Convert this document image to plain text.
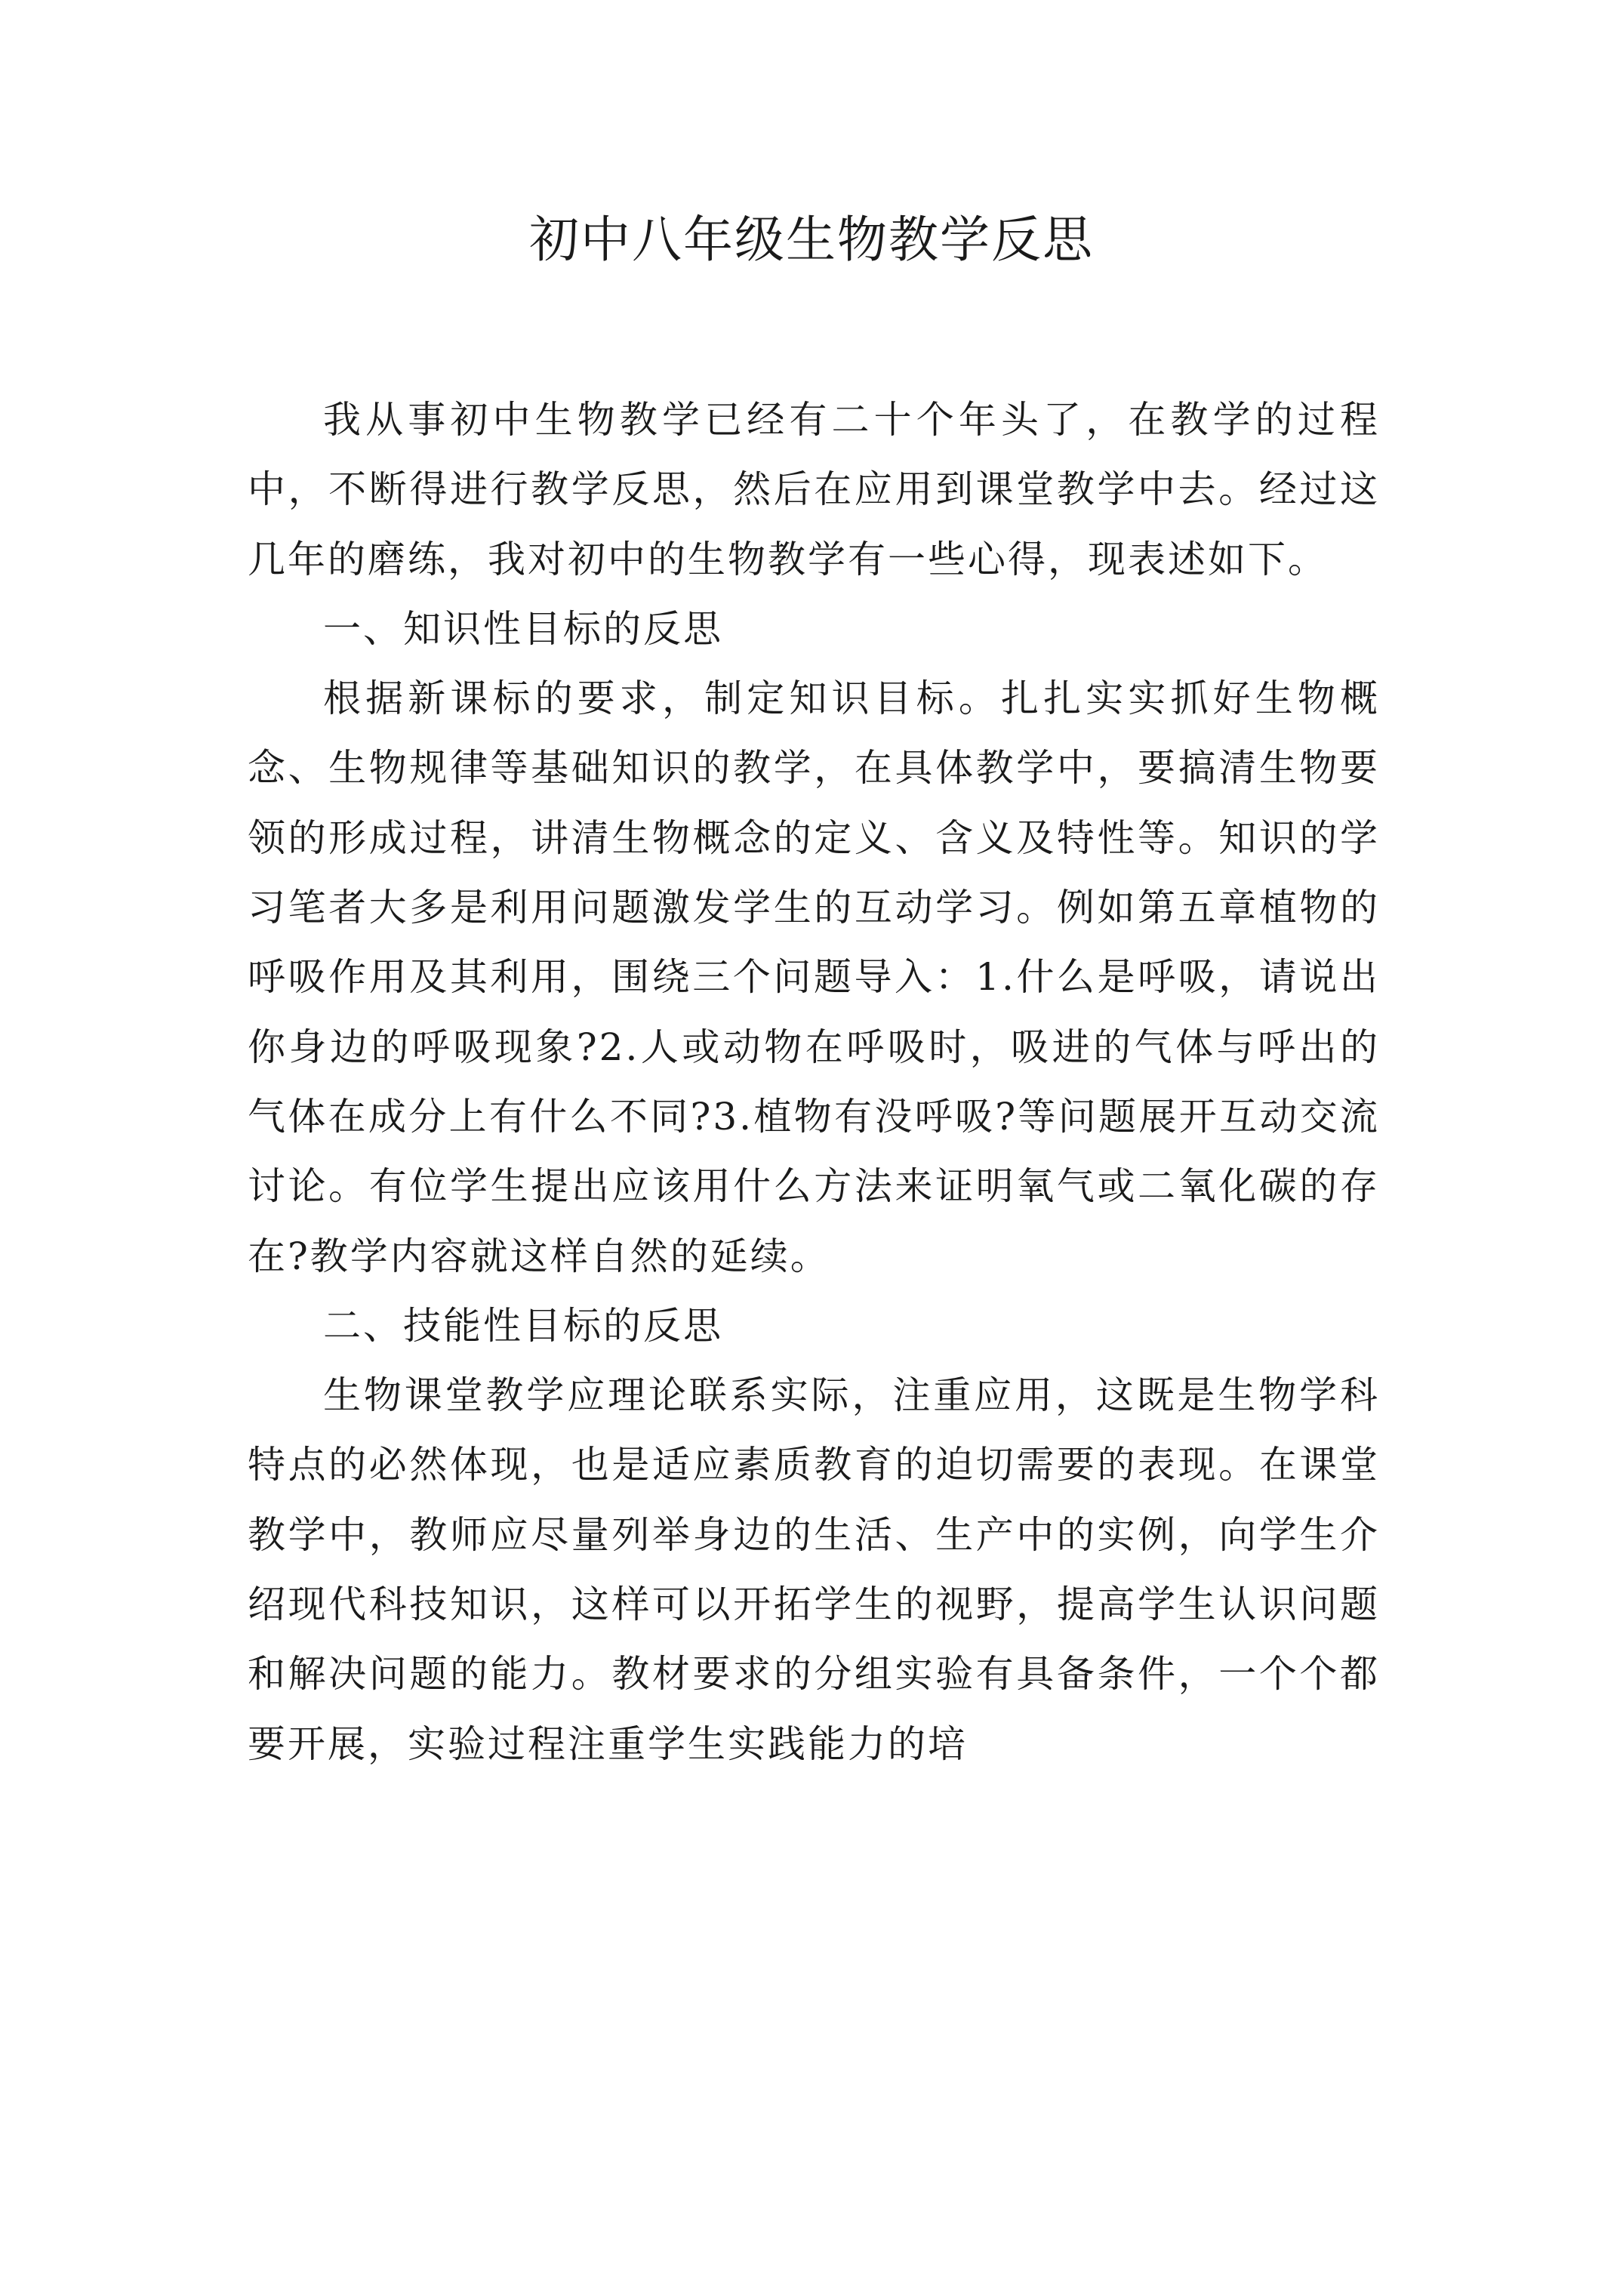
初中八年级生物教学反思

我从事初中生物教学已经有二十个年头了，在教学的过程中，不断得进行教学反思，然后在应用到课堂教学中去。经过这几年的磨练，我对初中的生物教学有一些心得，现表述如下。

一、知识性目标的反思

根据新课标的要求，制定知识目标。扎扎实实抓好生物概念、生物规律等基础知识的教学，在具体教学中，要搞清生物要领的形成过程，讲清生物概念的定义、含义及特性等。知识的学习笔者大多是利用问题激发学生的互动学习。例如第五章植物的呼吸作用及其利用，围绕三个问题导入：1.什么是呼吸，请说出你身边的呼吸现象?2.人或动物在呼吸时，吸进的气体与呼出的气体在成分上有什么不同?3.植物有没呼吸?等问题展开互动交流讨论。有位学生提出应该用什么方法来证明氧气或二氧化碳的存在?教学内容就这样自然的延续。

二、技能性目标的反思

生物课堂教学应理论联系实际，注重应用，这既是生物学科特点的必然体现，也是适应素质教育的迫切需要的表现。在课堂教学中，教师应尽量列举身边的生活、生产中的实例，向学生介绍现代科技知识，这样可以开拓学生的视野，提高学生认识问题和解决问题的能力。教材要求的分组实验有具备条件，一个个都要开展，实验过程注重学生实践能力的培
